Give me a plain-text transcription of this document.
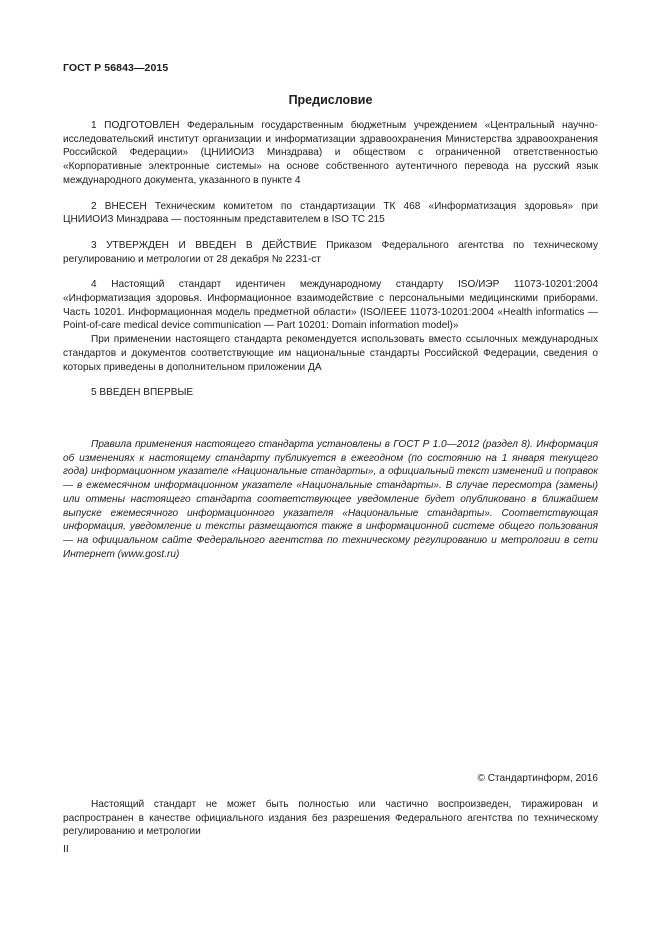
ГОСТ Р 56843—2015
Предисловие

1 ПОДГОТОВЛЕН Федеральным государственным бюджетным учреждением «Центральный научно-исследовательский институт организации и информатизации здравоохранения Министерства здравоохранения Российской Федерации» (ЦНИИОИЗ Минздрава) и обществом с ограниченной ответственностью «Корпоративные электронные системы» на основе собственного аутентичного перевода на русский язык международного документа, указанного в пункте 4

2 ВНЕСЕН Техническим комитетом по стандартизации ТК 468 «Информатизация здоровья» при ЦНИИОИЗ Минздрава — постоянным представителем в ISO TC 215

3 УТВЕРЖДЕН И ВВЕДЕН В ДЕЙСТВИЕ Приказом Федерального агентства по техническому регулированию и метрологии от 28 декабря № 2231-ст

4 Настоящий стандарт идентичен международному стандарту ISO/ИЭР 11073-10201:2004 «Информатизация здоровья. Информационное взаимодействие с персональными медицинскими приборами. Часть 10201. Информационная модель предметной области» (ISO/IEEE 11073-10201:2004 «Health informatics — Point-of-care medical device communication — Part 10201: Domain information model)»

При применении настоящего стандарта рекомендуется использовать вместо ссылочных международных стандартов и документов соответствующие им национальные стандарты Российской Федерации, сведения о которых приведены в дополнительном приложении ДА

5 ВВЕДЕН ВПЕРВЫЕ

Правила применения настоящего стандарта установлены в ГОСТ Р 1.0—2012 (раздел 8). Информация об изменениях к настоящему стандарту публикуется в ежегодном (по состоянию на 1 января текущего года) информационном указателе «Национальные стандарты», а официальный текст изменений и поправок — в ежемесячном информационном указателе «Национальные стандарты». В случае пересмотра (замены) или отмены настоящего стандарта соответствующее уведомление будет опубликовано в ближайшем выпуске ежемесячного информационного указателя «Национальные стандарты». Соответствующая информация, уведомление и тексты размещаются также в информационной системе общего пользования — на официальном сайте Федерального агентства по техническому регулированию и метрологии в сети Интернет (www.gost.ru)

© Стандартинформ, 2016

Настоящий стандарт не может быть полностью или частично воспроизведен, тиражирован и распространен в качестве официального издания без разрешения Федерального агентства по техническому регулированию и метрологии

II
